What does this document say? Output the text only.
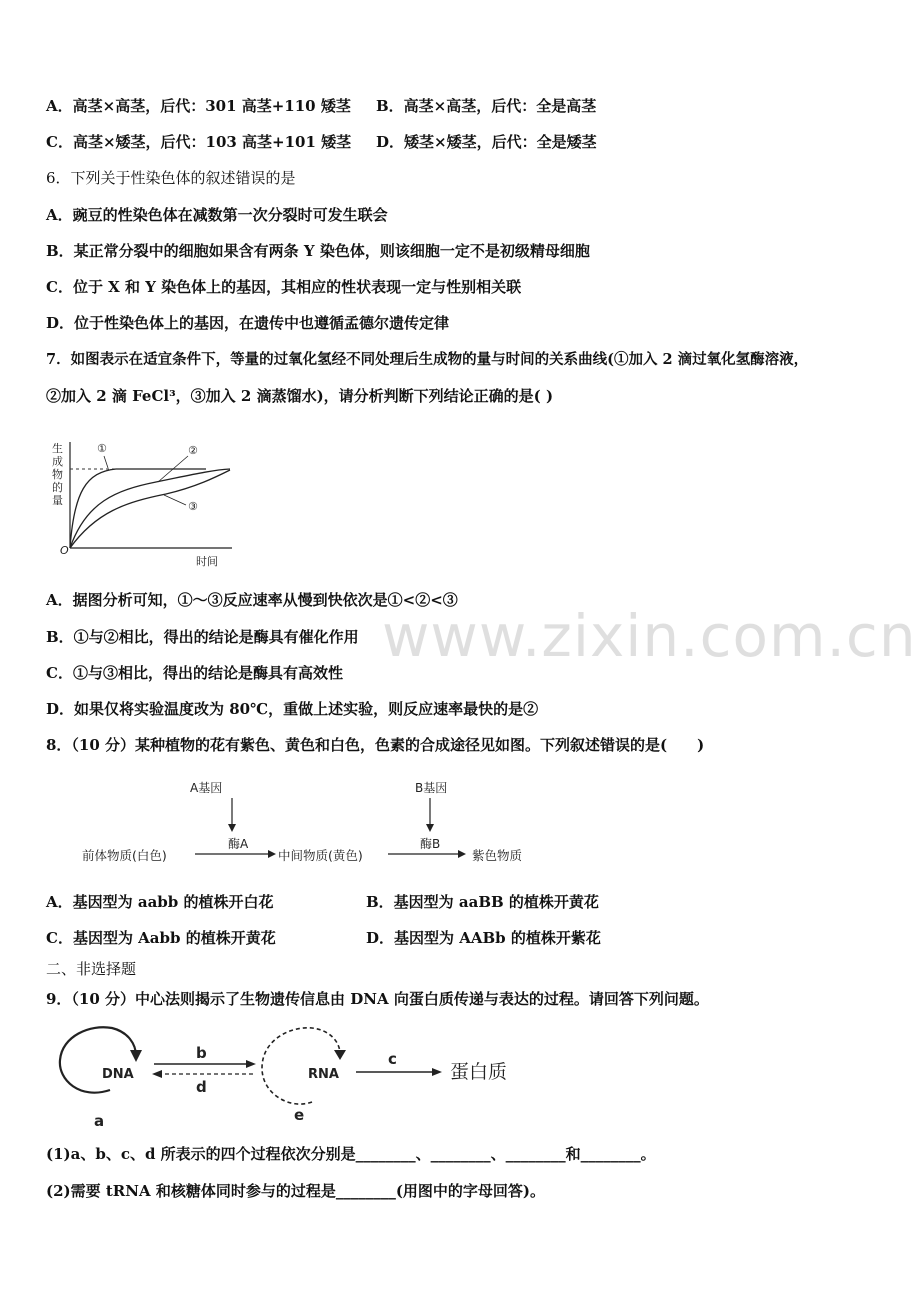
A．高茎×高茎，后代：301 高茎+110 矮茎 B．高茎×高茎，后代：全是高茎
C．高茎×矮茎，后代：103 高茎+101 矮茎 D．矮茎×矮茎，后代：全是矮茎
6．下列关于性染色体的叙述错误的是
A．豌豆的性染色体在减数第一次分裂时可发生联会
B．某正常分裂中的细胞如果含有两条 Y 染色体，则该细胞一定不是初级精母细胞
C．位于 X 和 Y 染色体上的基因，其相应的性状表现一定与性别相关联
D．位于性染色体上的基因，在遗传中也遵循孟德尔遗传定律
7．如图表示在适宜条件下，等量的过氧化氢经不同处理后生成物的量与时间的关系曲线(①加入 2 滴过氧化氢酶溶液，
②加入 2 滴 FeCl³，③加入 2 滴蒸馏水)，请分析判断下列结论正确的是( )
生
成
物
的
量
O
时间
①	②
③
A．据图分析可知，①～③反应速率从慢到快依次是①<②<③
B．①与②相比，得出的结论是酶具有催化作用
C．①与③相比，得出的结论是酶具有高效性
D．如果仅将实验温度改为 80℃，重做上述实验，则反应速率最快的是②
www.zixin.com.cn
8．（10 分）某种植物的花有紫色、黄色和白色，色素的合成途径见如图。下列叙述错误的是(　　)
A基因	B基因
前体物质(白色)
酶A
中间物质(黄色)
酶B
紫色物质
A．基因型为 aabb 的植株开白花	B．基因型为 aaBB 的植株开黄花
C．基因型为 Aabb 的植株开黄花	D．基因型为 AABb 的植株开紫花
二、非选择题
9．（10 分）中心法则揭示了生物遗传信息由 DNA 向蛋白质传递与表达的过程。请回答下列问题。
DNA
a
b
d
RNA
e
c
蛋白质
(1)a、b、c、d 所表示的四个过程依次分别是________、________、________和________。
(2)需要 tRNA 和核糖体同时参与的过程是________(用图中的字母回答)。
